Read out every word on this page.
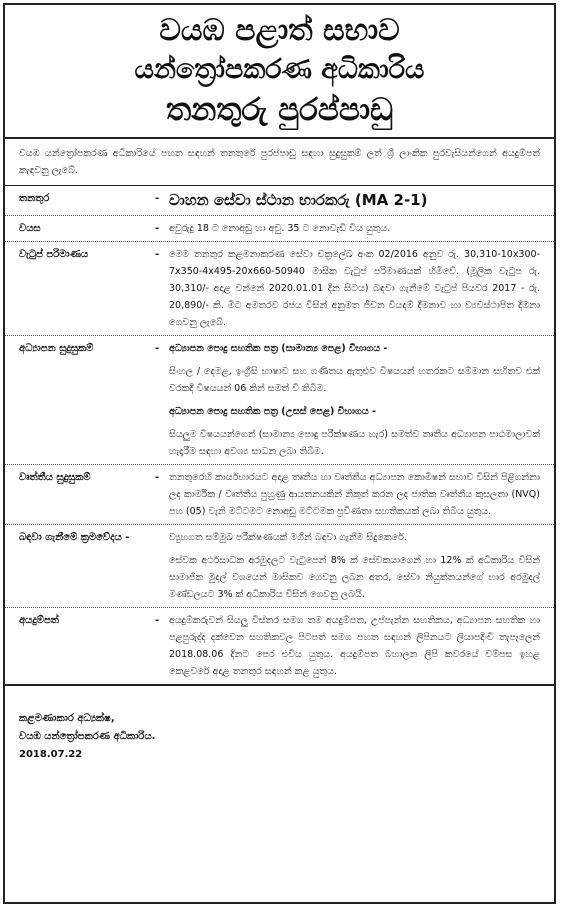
වයඹ පළාත් සභාව
යන්ත්‍රෝපකරණ අධිකාරිය
තනතුරු පුරප්පාඩු
වයඹ යන්ත්‍රෝපකරණ අධිකාරියේ පහත සඳහන් තනතුරේ පුරප්පාඩු සඳහා සුදුසුකම් ලත් ශ්‍රී ලාංකික පුරවැසියන්ගෙන් අයදුම්පත් කැඳවනු ලැබේ.
තනතුර	- වාහන සේවා ස්ථාන භාරකරු (MA 2-1)
වයස	-	අවුරුදු 18 ට නොඅඩු හා අවු. 35 ට නොවැඩි විය යුතුය.
වැටුප් පරිමාණය	-	මෙම තනතුර කළමනාකරණ සේවා චක්‍රලේඛ අංක 02/2016 අනුව රු. 30,310-10x300-7x350-4x495-20x660-50940 මාසික වැටුප් පරිමාණයක් හිමිවේ. (මූලික වැටුප රු. 30,310/- අදාළ වන්නේ 2020.01.01 දින සිටය) බඳවා ගැනීමේ වැටුප් පියවර 2017 - රු. 20,890/- කි. මීට අමතරව රජය විසින් අනුමත ජීවන වියදම් දීමනාව හා ව්‍යවස්ථාපිත දීමනා ගෙවනු ලැබේ.
අධ්‍යාපන සුදුසුකම්	-	අධ්‍යාපන පොදු සහතික පත්‍ර (සාමාන්‍ය පෙළ) විභාගය -

සිංහල / දෙමළ, ඉංග්‍රීසි භාෂාව සහ ගණිතය ඇතුළුව විෂයයන් හතරකට සම්මාන සහිතව එක් වරකදී විෂයයන් 06 කින් සමත් වී තිබීම.

අධ්‍යාපන පොදු සහතික පත්‍ර (උසස් පෙළ) විභාගය -

සියලුම විෂයයන්ගෙන් (සාමාන්‍ය පොදු පරීක්ෂණය හැර) සමත්ව තෘතීය අධ්‍යාපන පාඨමාලාවක් හැදෑරීම සඳහා අවශ්‍ය සාධන ලබා තිබීම.

වෘත්තීය සුදුසුකම්	-	තනතුරෙහි කාර්යභාරයට අදාළ තෘතීය හා වෘත්තීය අධ්‍යාපන කොමිෂන් සභාව විසින් පිළිගන්නා ලද කාර්මික / වෘත්තීය පුහුණු ආයතනයකින් නිකුත් කරන ලද ජාතික වෘත්තීය කුසලතා (NVQ) පහ (05) වැනි මට්ටමට නොඅඩු මට්ටමක ප්‍රවීණතා සහතිකයක් ලබා තිබිය යුතුය.
බඳවා ගැනීමේ ක්‍රමවේදය -	ව්‍යුහගත සම්මුඛ පරීක්ෂණයක් මගින් බඳවා ගැනීම සිදුකෙරේ.

සේවක අර්ථසාධක අරමුදලට වැටුපෙන් 8% ක් සේවකයාගෙන් හා 12% ක් අධිකාරිය විසින් සාමාජික මුදල් වශයෙන් මාසිකව ගෙවනු ලබන අතර, සේවා නියුක්තයන්ගේ භාර අරමුදල් මණ්ඩලයට 3% ක් අධිකාරිය විසින් ගෙවනු ලබයි.

අයදුම්පත්	-	අයදුම්කරුවන් සියලු විස්තර සමග තම අයදුම්පත, උප්පැන්න සහතිකය, අධ්‍යාපන සහතික හා පළපුරුද්ද දක්වෙන සහතිකවල පිටපත් සමග පහත සඳහන් ලිපිනයට ලියාපදිංචි තැපෑලෙන් 2018.08.06 දිනට පෙර එවිය යුතුය. අයදුම්පත බහාලන ලිපි කවරයේ වම්පස ඉහළ කෙළවරේ අදාළ තනතුර සඳහන් කළ යුතුය.
කළමණාකාර අධ්‍යක්ෂ,
වයඹ යන්ත්‍රෝපකරණ අධිකාරිය.
2018.07.22
